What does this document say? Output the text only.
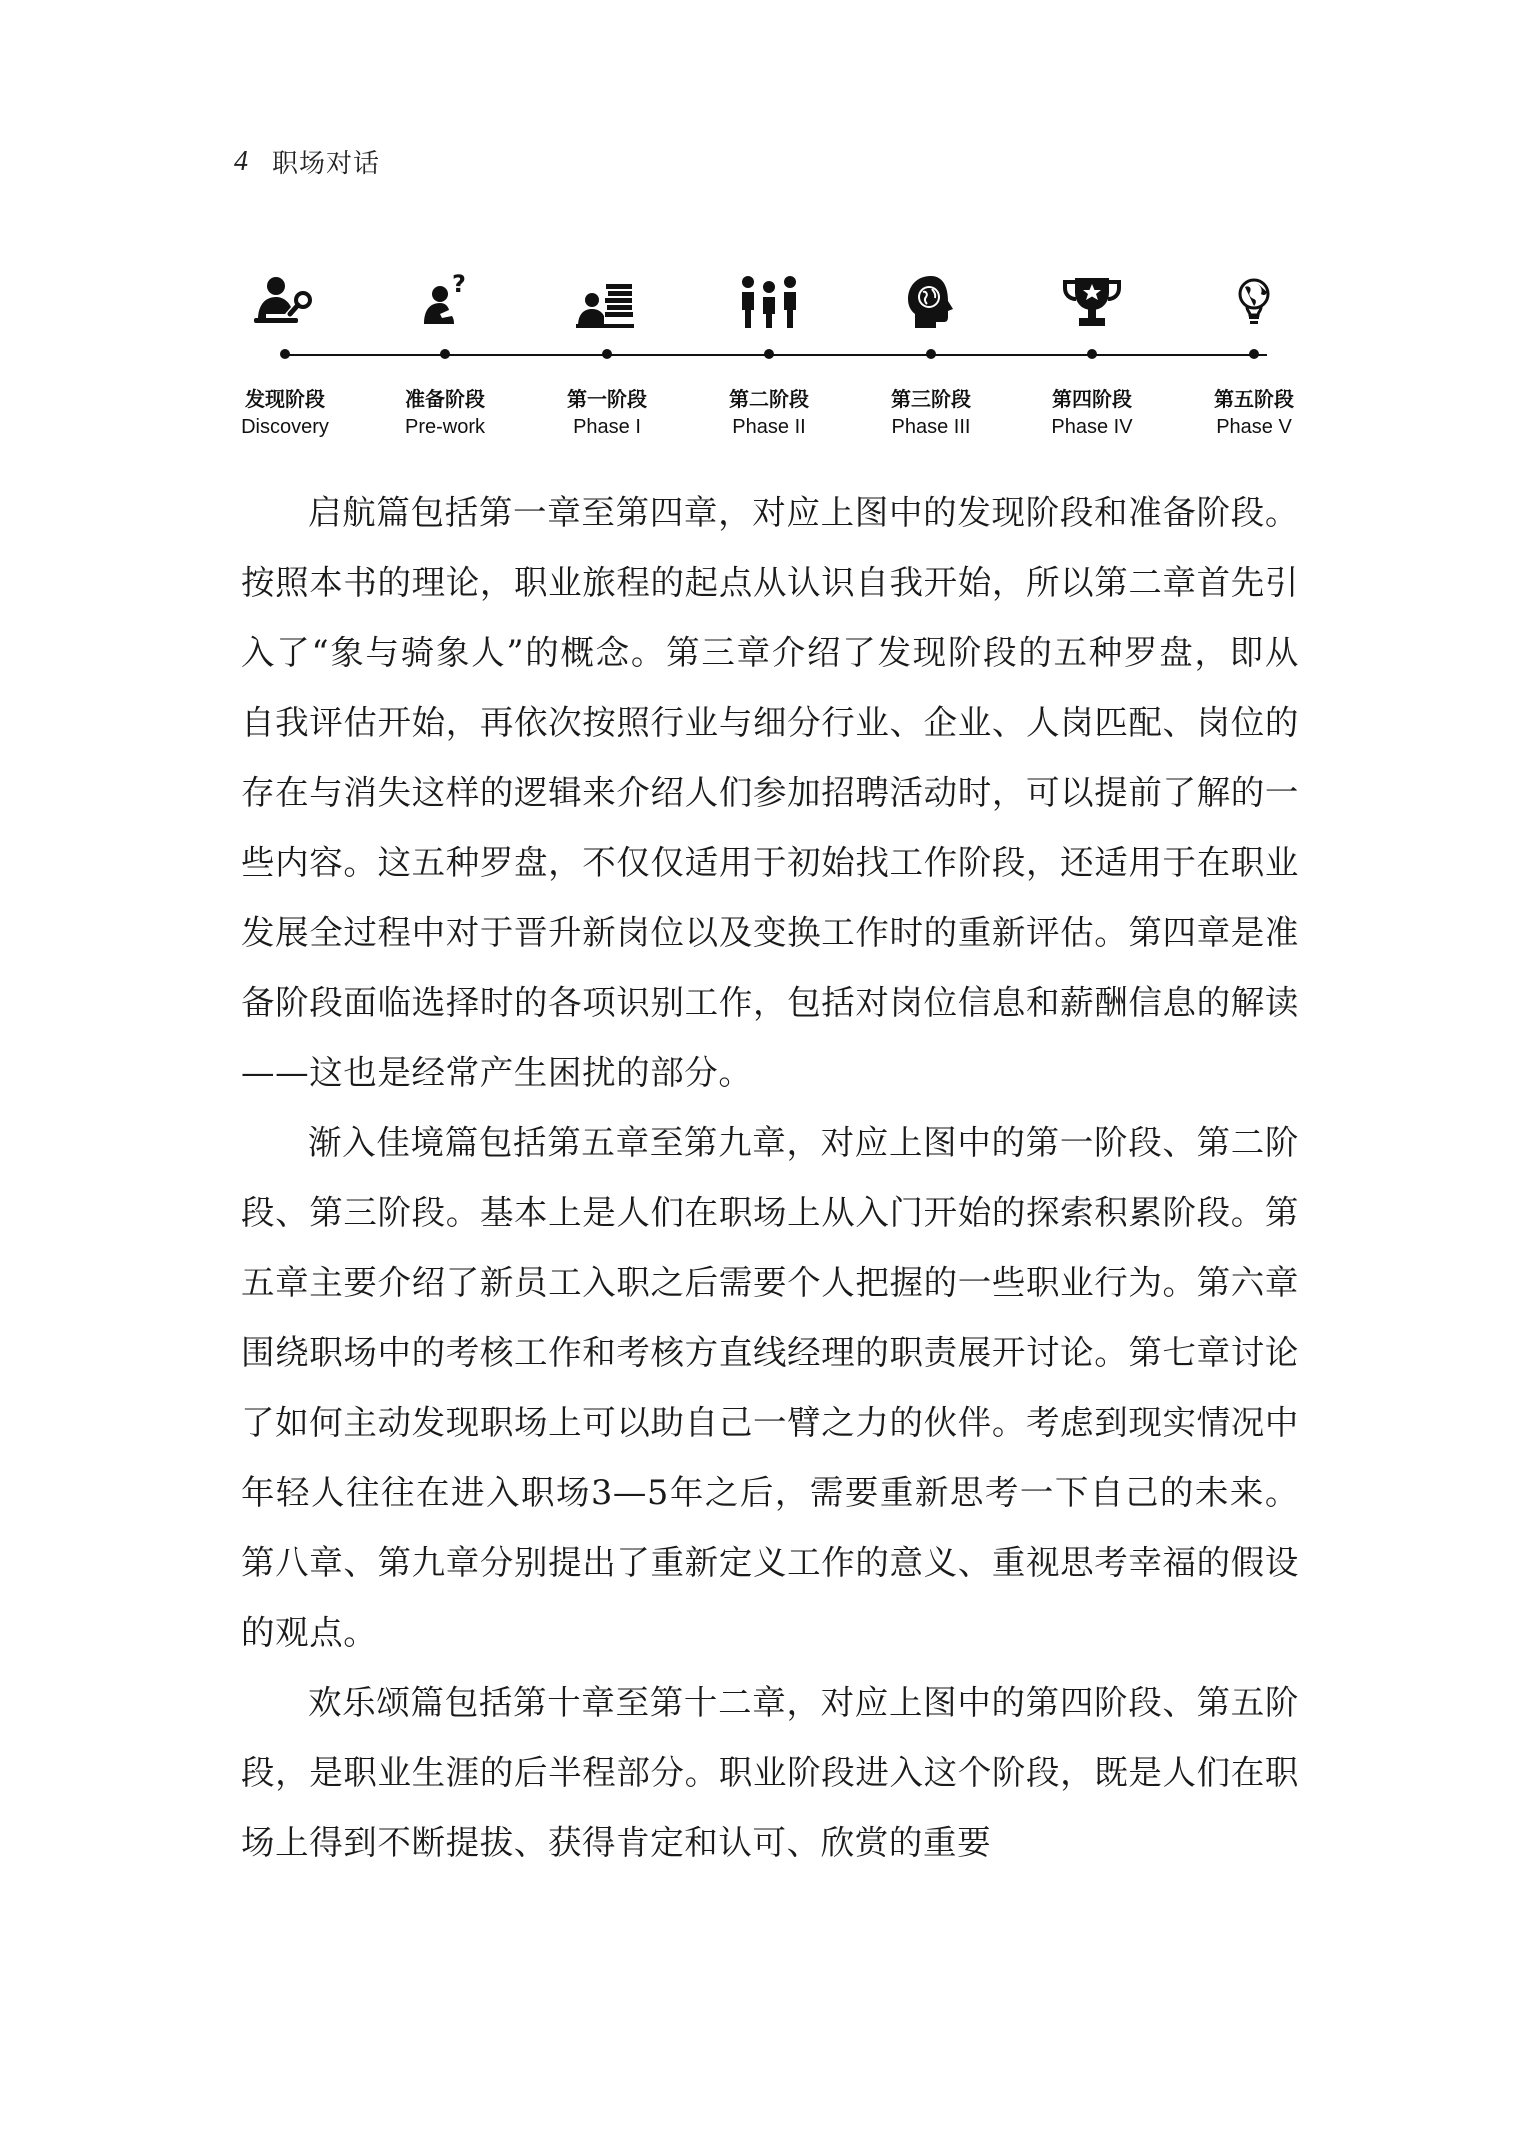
4 职场对话
发现阶段
Discovery
?
准备阶段
Pre-work
第一阶段
Phase I
第二阶段
Phase II
第三阶段
Phase III
第四阶段
Phase IV
第五阶段
Phase V

启航篇包括第一章至第四章，对应上图中的发现阶段和准备阶段。按照本书的理论，职业旅程的起点从认识自我开始，所以第二章首先引入了“象与骑象人”的概念。第三章介绍了发现阶段的五种罗盘，即从自我评估开始，再依次按照行业与细分行业、企业、人岗匹配、岗位的存在与消失这样的逻辑来介绍人们参加招聘活动时，可以提前了解的一些内容。这五种罗盘，不仅仅适用于初始找工作阶段，还适用于在职业发展全过程中对于晋升新岗位以及变换工作时的重新评估。第四章是准备阶段面临选择时的各项识别工作，包括对岗位信息和薪酬信息的解读——这也是经常产生困扰的部分。

渐入佳境篇包括第五章至第九章，对应上图中的第一阶段、第二阶段、第三阶段。基本上是人们在职场上从入门开始的探索积累阶段。第五章主要介绍了新员工入职之后需要个人把握的一些职业行为。第六章围绕职场中的考核工作和考核方直线经理的职责展开讨论。第七章讨论了如何主动发现职场上可以助自己一臂之力的伙伴。考虑到现实情况中年轻人往往在进入职场3—5年之后，需要重新思考一下自己的未来。第八章、第九章分别提出了重新定义工作的意义、重视思考幸福的假设的观点。

欢乐颂篇包括第十章至第十二章，对应上图中的第四阶段、第五阶段，是职业生涯的后半程部分。职业阶段进入这个阶段，既是人们在职场上得到不断提拔、获得肯定和认可、欣赏的重要
